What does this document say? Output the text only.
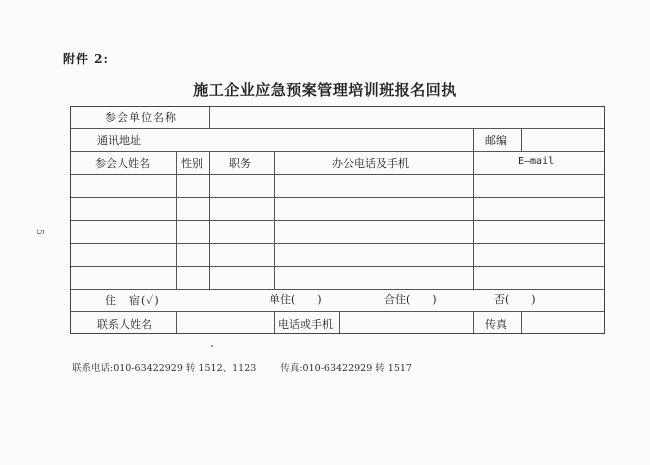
附件 2:
施工企业应急预案管理培训班报名回执
5
参会单位名称
通讯地址	邮编
参会人姓名	性别 职务	办公电话及手机	E—mail
住　宿(✓)	单住(　　)	合住(　　)	否(　　)
联系人姓名	电话或手机	传真
联系电话:010-63422929 转 1512、1123	传真:010-63422929 转 1517
